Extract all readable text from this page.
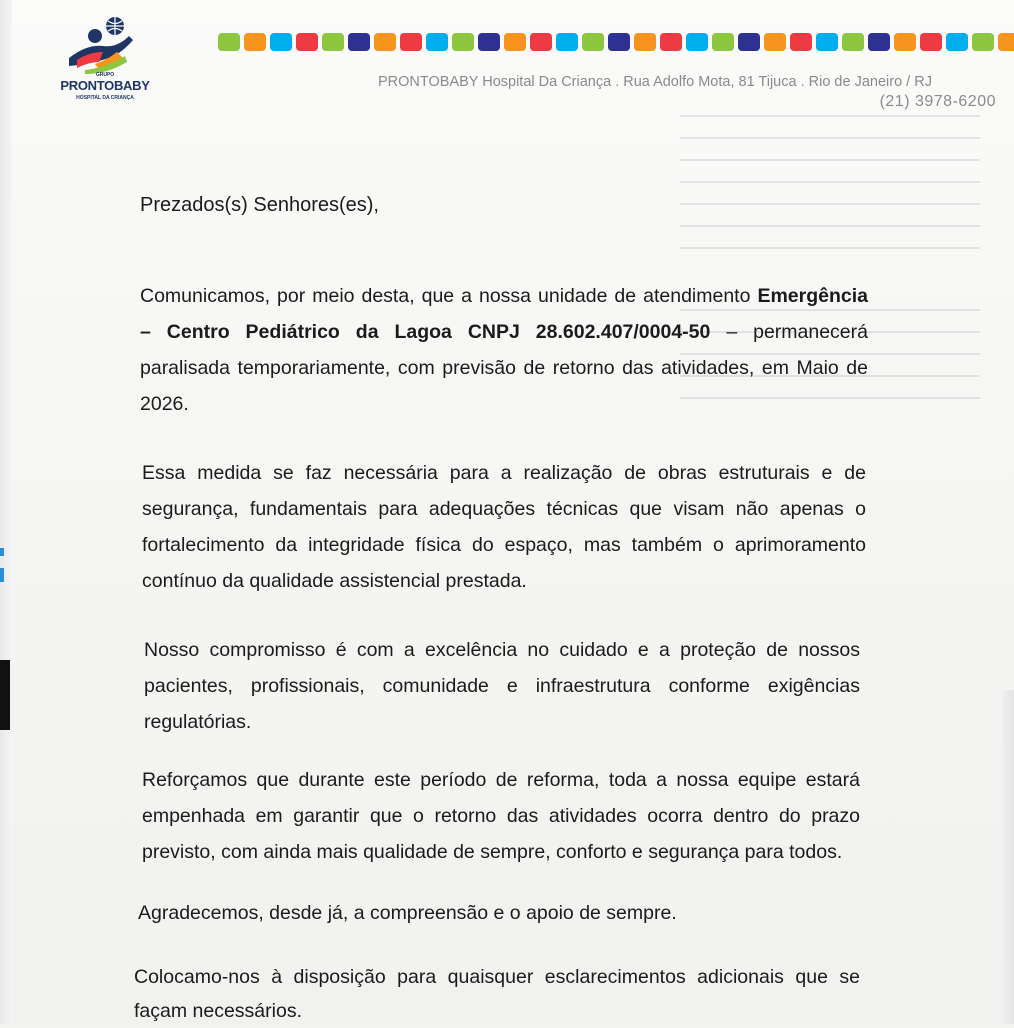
GRUPO
PRONTOBABY
HOSPITAL DA CRIANÇA
PRONTOBABY Hospital Da Criança . Rua Adolfo Mota, 81 Tijuca . Rio de Janeiro / RJ
(21) 3978-6200
Prezados(s) Senhores(es),
Comunicamos, por meio desta, que a nossa unidade de atendimento Emergência – Centro Pediátrico da Lagoa CNPJ 28.602.407/0004-50 – permanecerá paralisada temporariamente, com previsão de retorno das atividades, em Maio de 2026.
Essa medida se faz necessária para a realização de obras estruturais e de segurança, fundamentais para adequações técnicas que visam não apenas o fortalecimento da integridade física do espaço, mas também o aprimoramento contínuo da qualidade assistencial prestada.
Nosso compromisso é com a excelência no cuidado e a proteção de nossos pacientes, profissionais, comunidade e infraestrutura conforme exigências regulatórias.
Reforçamos que durante este período de reforma, toda a nossa equipe estará empenhada em garantir que o retorno das atividades ocorra dentro do prazo previsto, com ainda mais qualidade de sempre, conforto e segurança para todos.
Agradecemos, desde já, a compreensão e o apoio de sempre.
Colocamo-nos à disposição para quaisquer esclarecimentos adicionais que se façam necessários.
